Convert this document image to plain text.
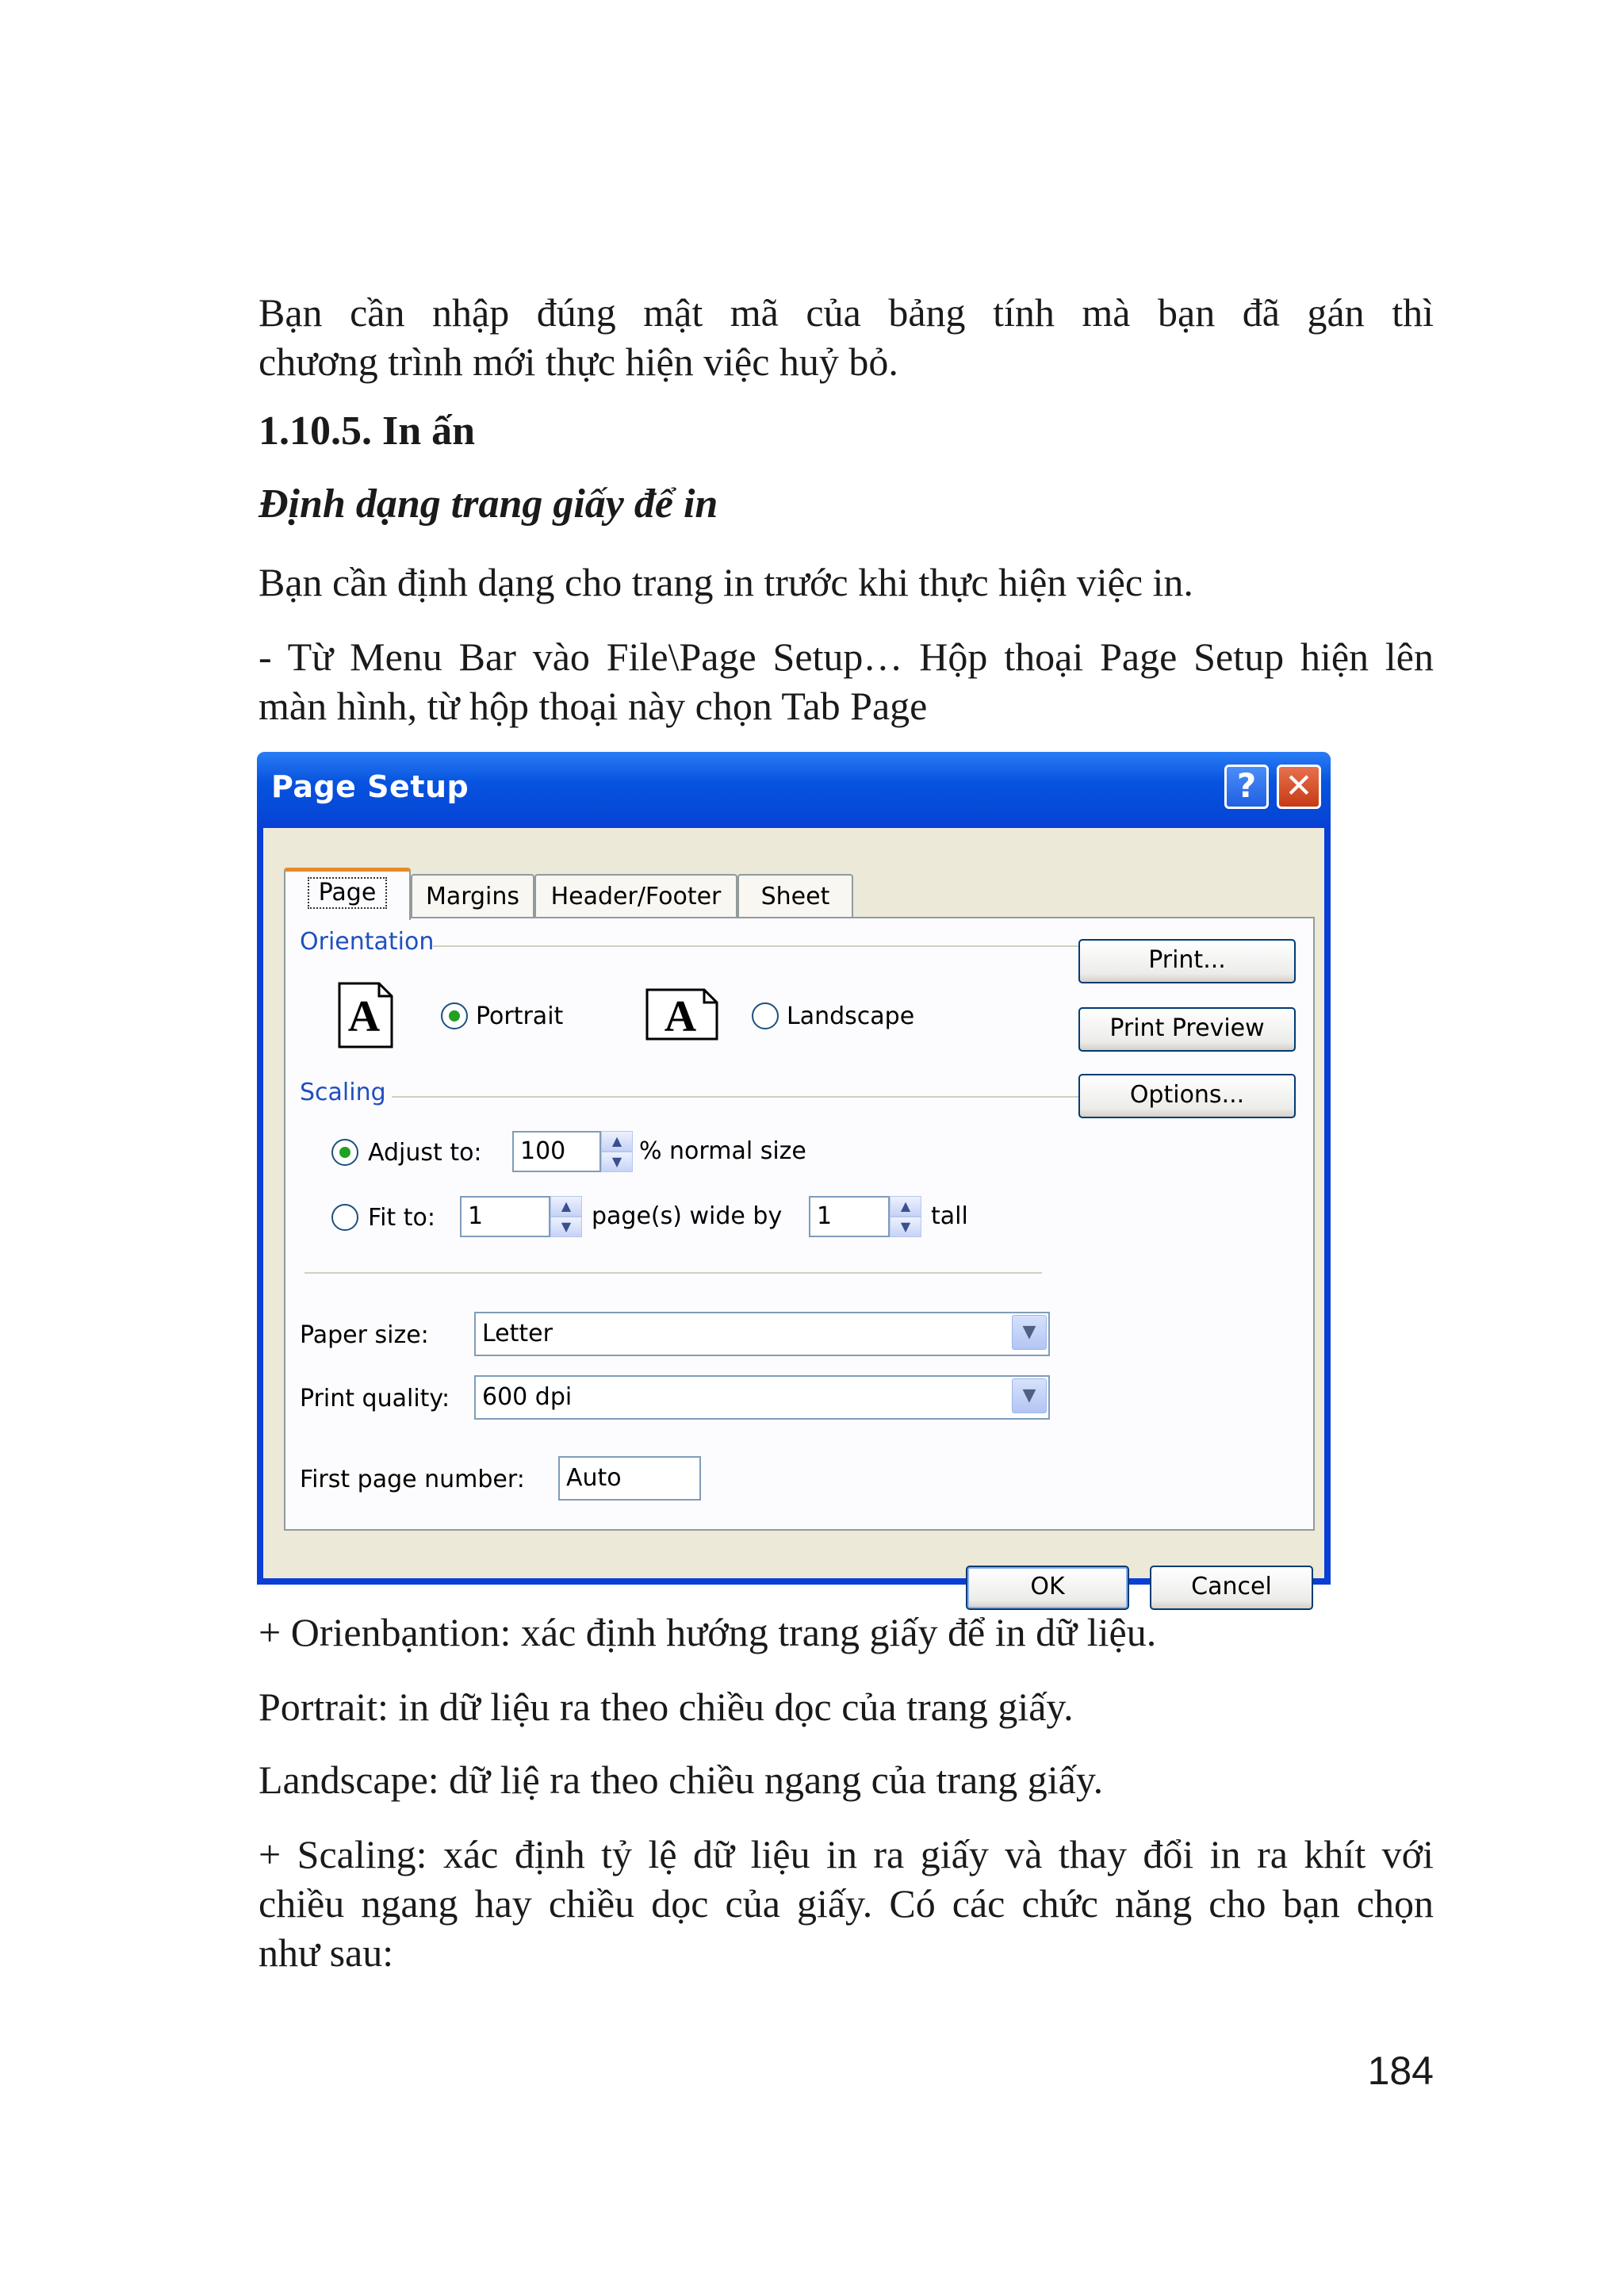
Bạn cần nhập đúng mật mã của bảng tính mà bạn đã gán thì

chương trình mới thực hiện việc huỷ bỏ.

1.10.5. In ấn
Định dạng trang giấy để in

Bạn cần định dạng cho trang in trước khi thực hiện việc in.

- Từ Menu Bar vào File\Page Setup… Hộp thoại Page Setup hiện lên

màn hình, từ hộp thoại này chọn Tab Page

Page Setup	? ✕
Page	Margins	Header/Footer	Sheet
Orientation
A	Portrait A	Landscape
Scaling
Adjust to:	100	▲
▼ % normal size
Fit to:	1	▲
▼ page(s) wide by	1	▲
▼ tall
Paper size:	Letter	▼
Print quality:	600 dpi	▼
First page number:	Auto
Print...
Print Preview
Options...
OK	Cancel

+ Orienbạntion: xác định hướng trang giấy để in dữ liệu.

Portrait: in dữ liệu ra theo chiều dọc của trang giấy.

Landscape: dữ liệ ra theo chiều ngang của trang giấy.

+ Scaling: xác định tỷ lệ dữ liệu in ra giấy và thay đổi in ra khít với

chiều ngang hay chiều dọc của giấy. Có các chức năng cho bạn chọn

như sau:

184
